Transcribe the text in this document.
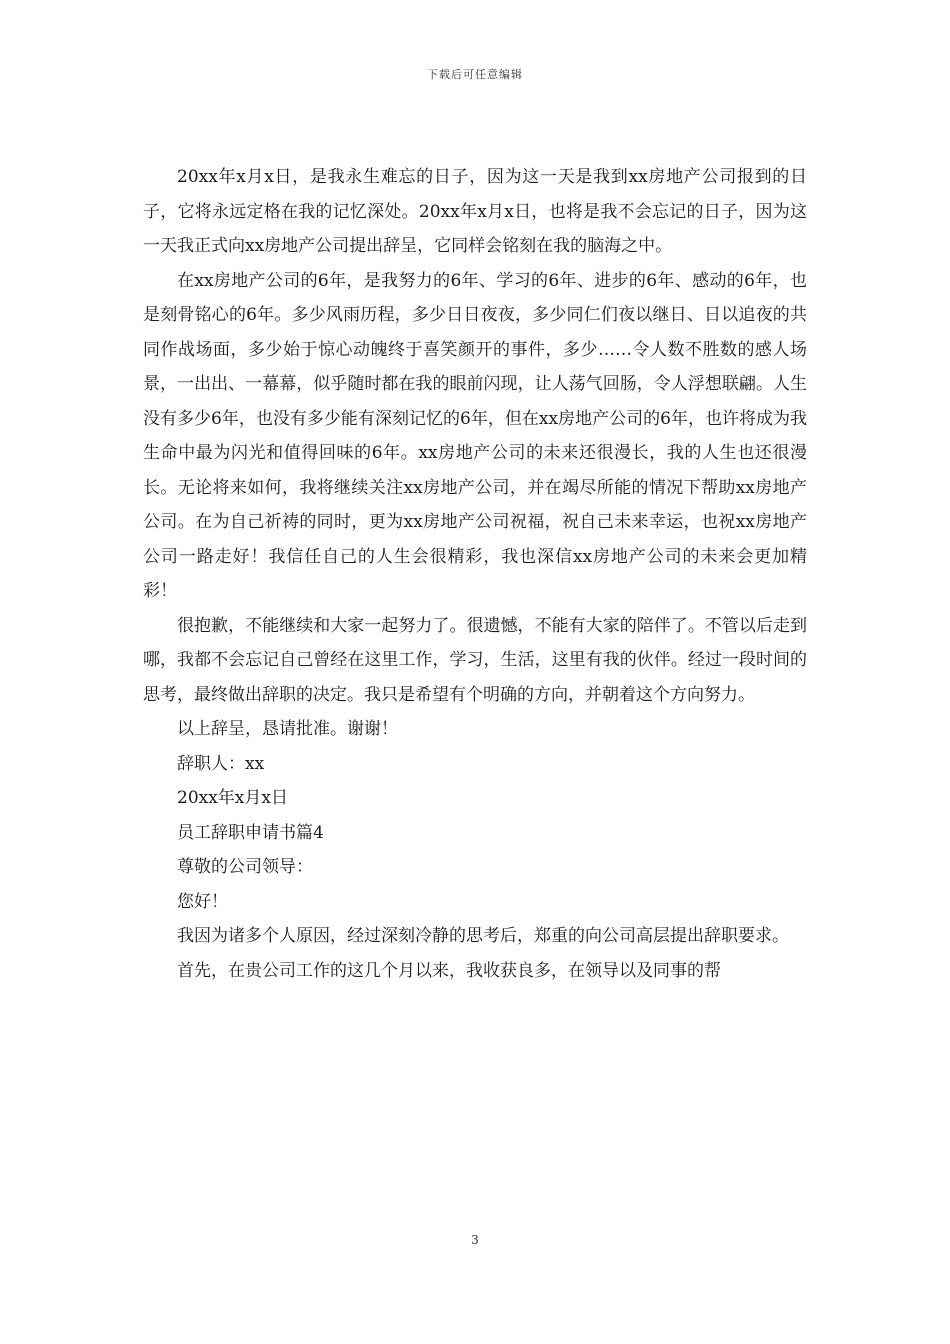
下载后可任意编辑

20xx年x月x日，是我永生难忘的日子，因为这一天是我到xx房地产公司报到的日子，它将永远定格在我的记忆深处。20xx年x月x日，也将是我不会忘记的日子，因为这一天我正式向xx房地产公司提出辞呈，它同样会铭刻在我的脑海之中。

在xx房地产公司的6年，是我努力的6年、学习的6年、进步的6年、感动的6年，也是刻骨铭心的6年。多少风雨历程，多少日日夜夜，多少同仁们夜以继日、日以追夜的共同作战场面，多少始于惊心动魄终于喜笑颜开的事件，多少……令人数不胜数的感人场景，一出出、一幕幕，似乎随时都在我的眼前闪现，让人荡气回肠，令人浮想联翩。人生没有多少6年，也没有多少能有深刻记忆的6年，但在xx房地产公司的6年，也许将成为我生命中最为闪光和值得回味的6年。xx房地产公司的未来还很漫长，我的人生也还很漫长。无论将来如何，我将继续关注xx房地产公司，并在竭尽所能的情况下帮助xx房地产公司。在为自己祈祷的同时，更为xx房地产公司祝福，祝自己未来幸运，也祝xx房地产公司一路走好！我信任自己的人生会很精彩，我也深信xx房地产公司的未来会更加精彩！

很抱歉，不能继续和大家一起努力了。很遗憾，不能有大家的陪伴了。不管以后走到哪，我都不会忘记自己曾经在这里工作，学习，生活，这里有我的伙伴。经过一段时间的思考，最终做出辞职的决定。我只是希望有个明确的方向，并朝着这个方向努力。

以上辞呈，恳请批准。谢谢！

辞职人：xx

20xx年x月x日

员工辞职申请书篇4

尊敬的公司领导：

您好！

我因为诸多个人原因，经过深刻冷静的思考后，郑重的向公司高层提出辞职要求。

首先，在贵公司工作的这几个月以来，我收获良多，在领导以及同事的帮

3
